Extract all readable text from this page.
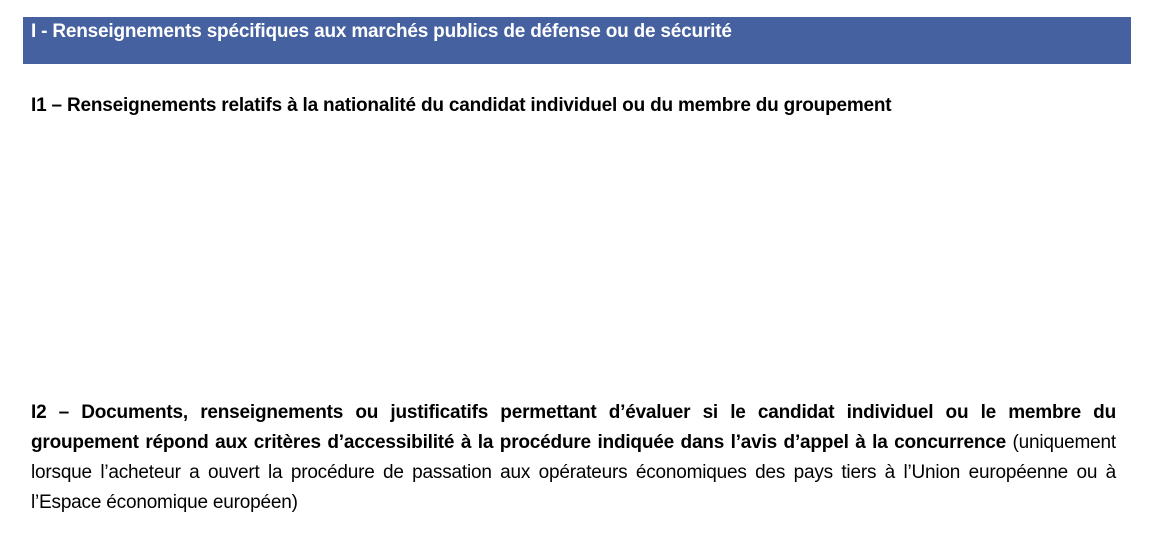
I - Renseignements spécifiques aux marchés publics de défense ou de sécurité
I1 – Renseignements relatifs à la nationalité du candidat individuel ou du membre du groupement
I2 – Documents, renseignements ou justificatifs permettant d’évaluer si le candidat individuel ou le membre du groupement répond aux critères d’accessibilité à la procédure indiquée dans l’avis d’appel à la concurrence (uniquement lorsque l’acheteur a ouvert la procédure de passation aux opérateurs économiques des pays tiers à l’Union européenne ou à l’Espace économique européen)
